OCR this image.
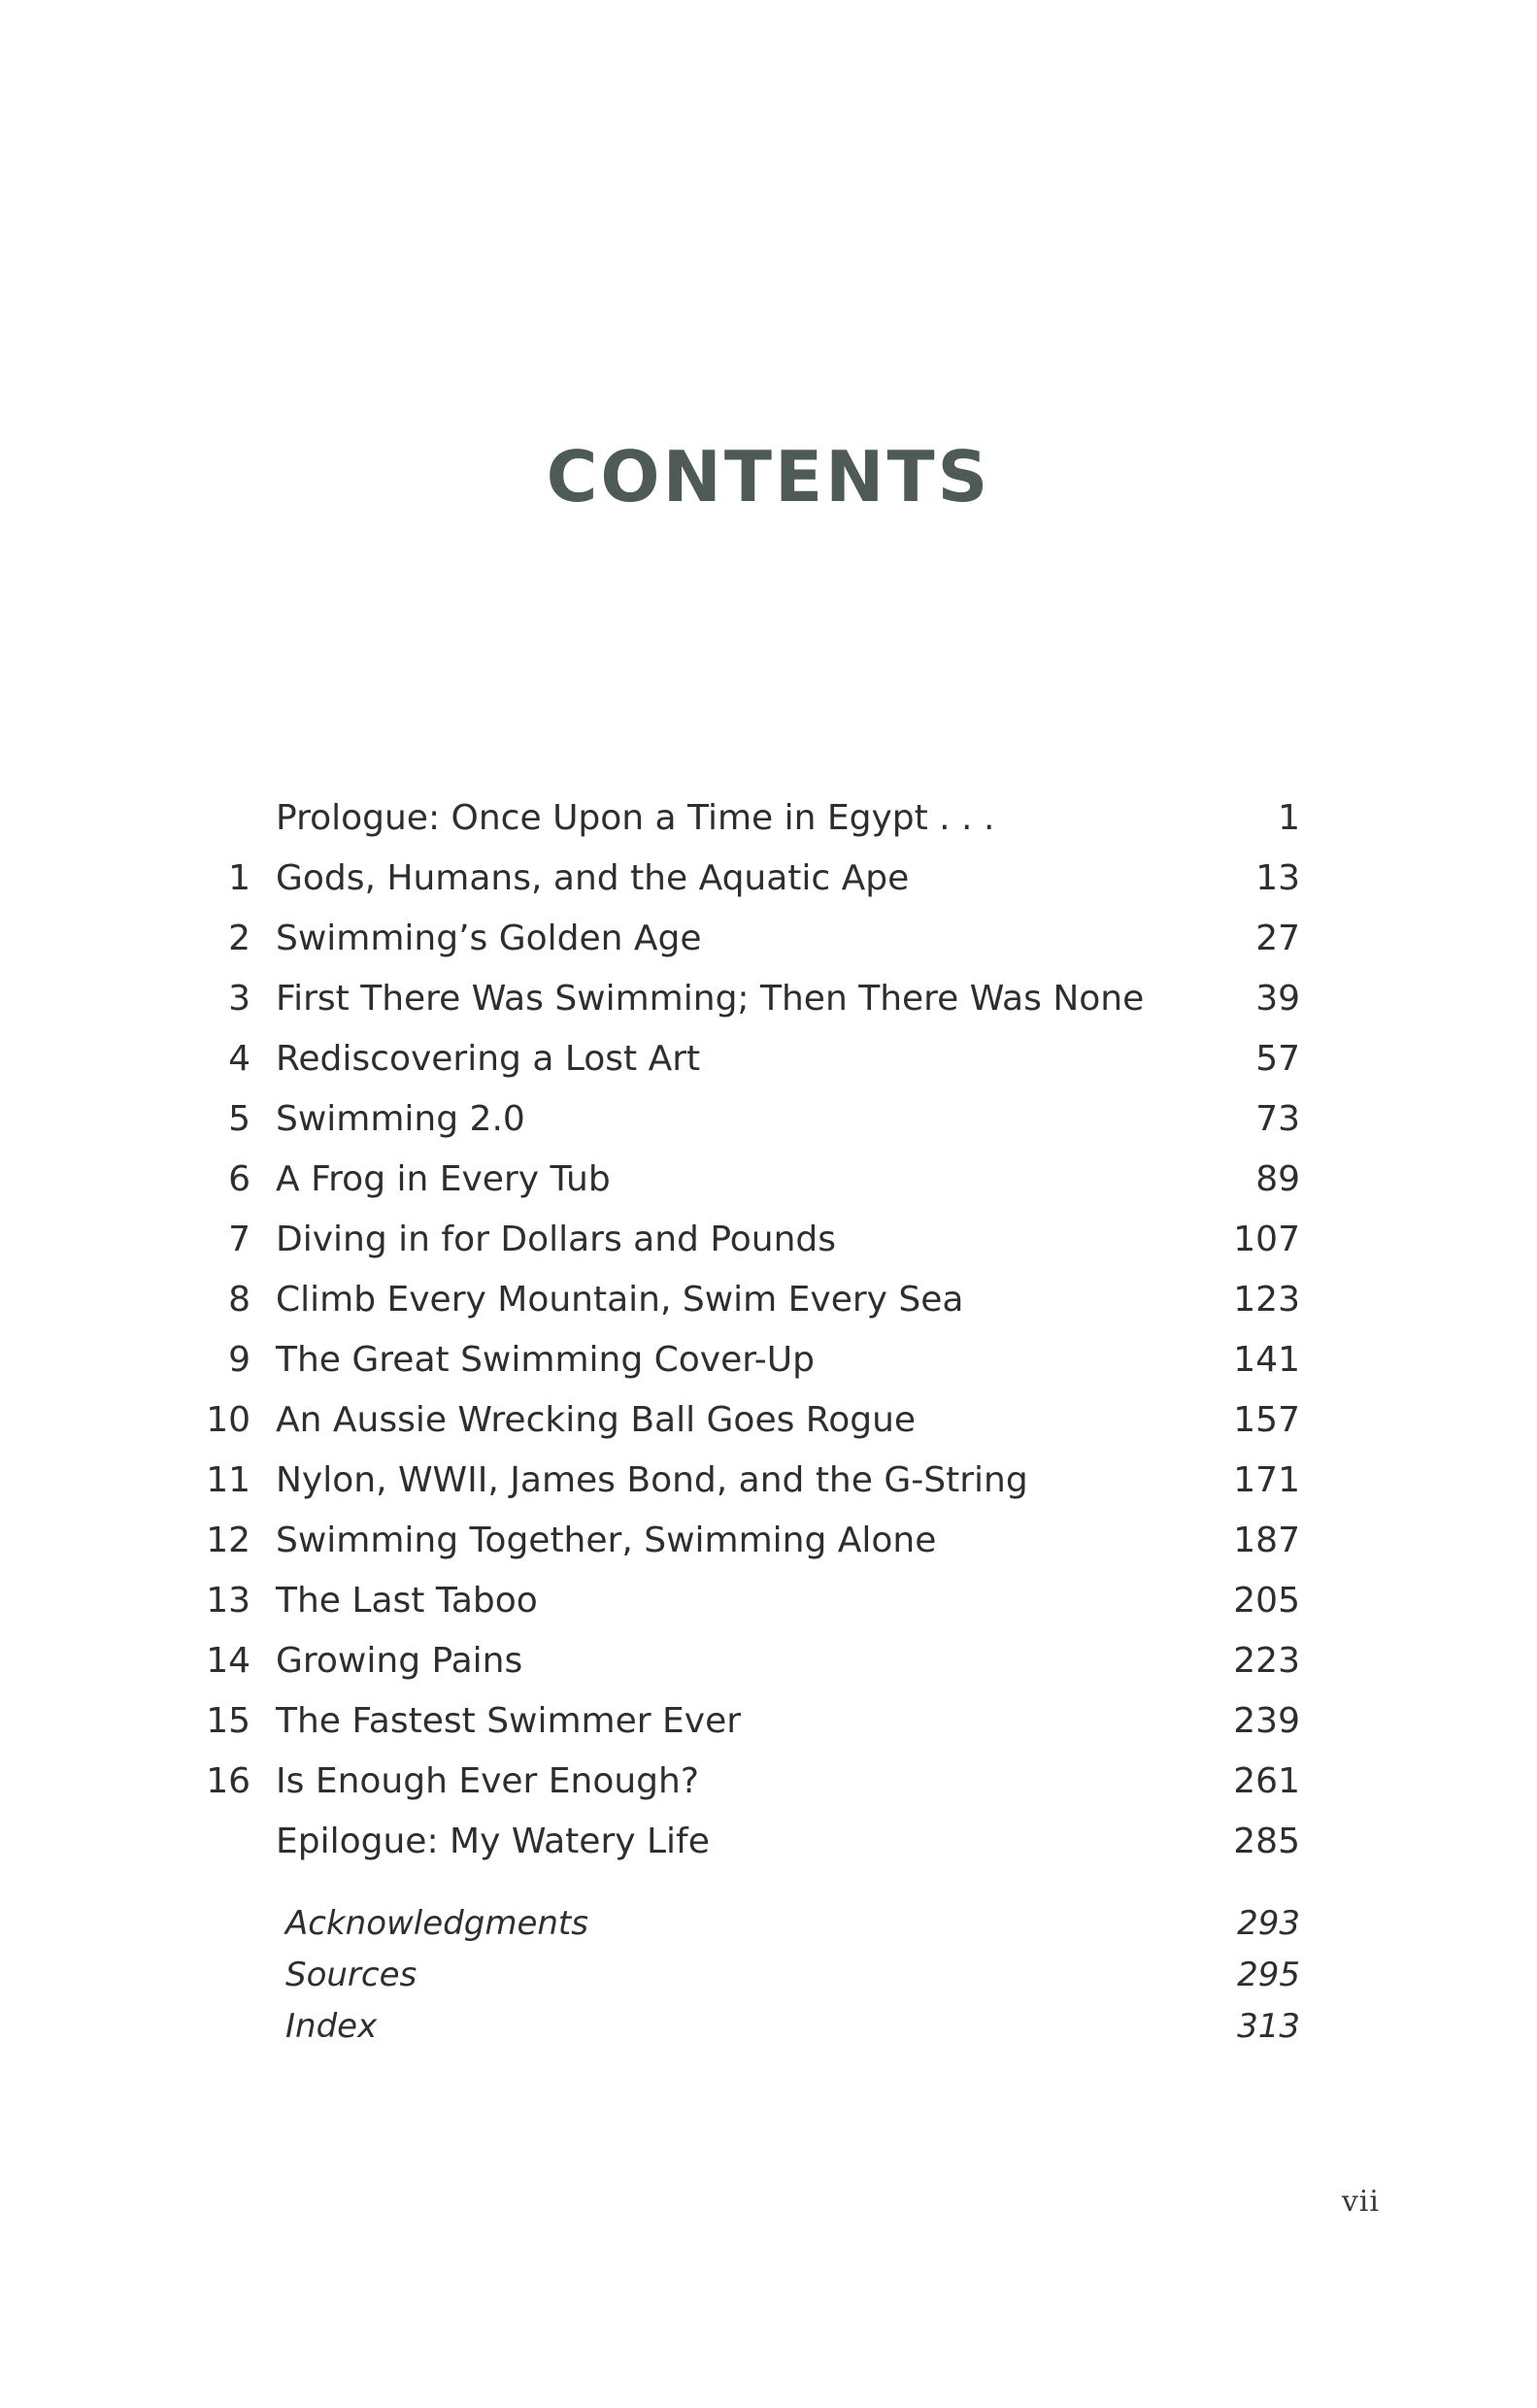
CONTENTS
Prologue: Once Upon a Time in Egypt . . .	1
1 Gods, Humans, and the Aquatic Ape	13
2 Swimming’s Golden Age	27
3 First There Was Swimming; Then There Was None	39
4 Rediscovering a Lost Art	57
5 Swimming 2.0	73
6 A Frog in Every Tub	89
7 Diving in for Dollars and Pounds	107
8 Climb Every Mountain, Swim Every Sea	123
9 The Great Swimming Cover-Up	141
10 An Aussie Wrecking Ball Goes Rogue	157
11 Nylon, WWII, James Bond, and the G-String	171
12 Swimming Together, Swimming Alone	187
13 The Last Taboo	205
14 Growing Pains	223
15 The Fastest Swimmer Ever	239
16 Is Enough Ever Enough?	261
Epilogue: My Watery Life	285
Acknowledgments	293
Sources	295
Index	313
vii
